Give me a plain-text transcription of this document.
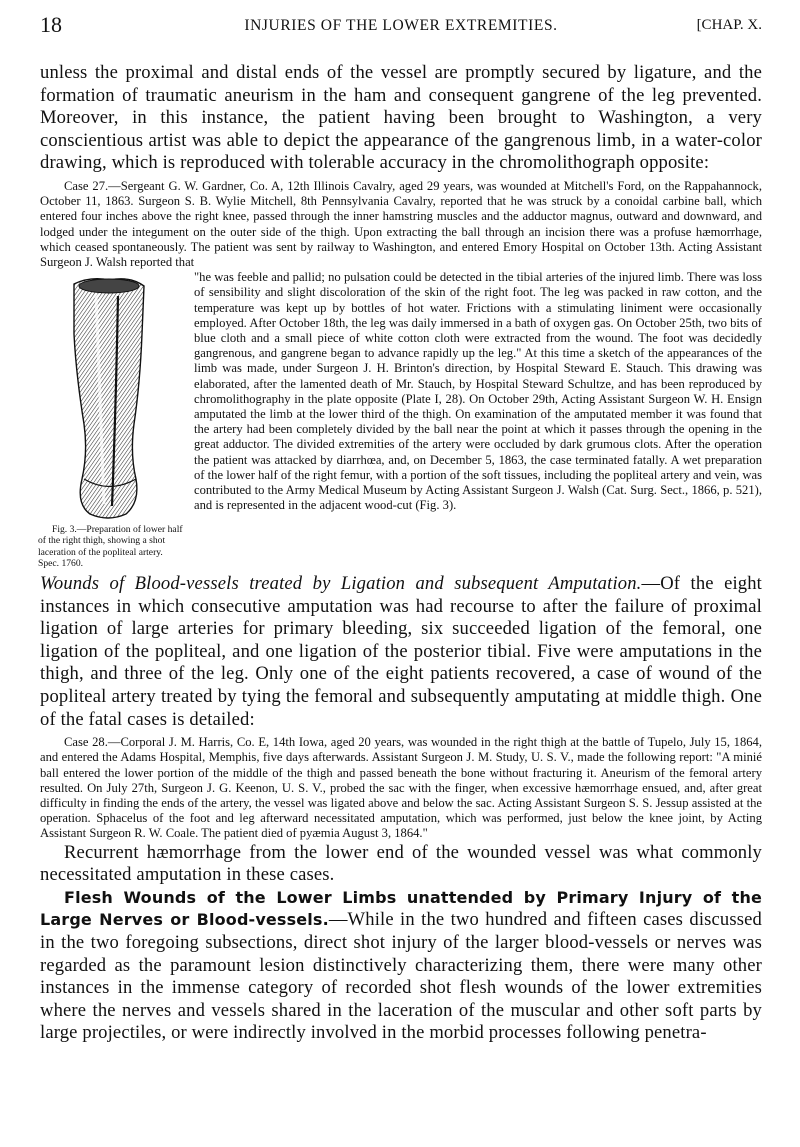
18	INJURIES OF THE LOWER EXTREMITIES.	[CHAP. X.

unless the proximal and distal ends of the vessel are promptly secured by ligature, and the formation of traumatic aneurism in the ham and consequent gangrene of the leg prevented. Moreover, in this instance, the patient having been brought to Washington, a very conscientious artist was able to depict the appearance of the gangrenous limb, in a water-color drawing, which is reproduced with tolerable accuracy in the chromolithograph opposite:

Case 27.—Sergeant G. W. Gardner, Co. A, 12th Illinois Cavalry, aged 29 years, was wounded at Mitchell's Ford, on the Rappahannock, October 11, 1863. Surgeon S. B. Wylie Mitchell, 8th Pennsylvania Cavalry, reported that he was struck by a conoidal carbine ball, which entered four inches above the right knee, passed through the inner hamstring muscles and the adductor magnus, outward and downward, and lodged under the integument on the outer side of the thigh. Upon extracting the ball through an incision there was a profuse hæmorrhage, which ceased spontaneously. The patient was sent by railway to Washington, and entered Emory Hospital on October 13th. Acting Assistant Surgeon J. Walsh reported that

Fig. 3.—Preparation of lower half of the right thigh, showing a shot laceration of the popliteal artery. Spec. 1760.

"he was feeble and pallid; no pulsation could be detected in the tibial arteries of the injured limb. There was loss of sensibility and slight discoloration of the skin of the right foot. The leg was packed in raw cotton, and the temperature was kept up by bottles of hot water. Frictions with a stimulating liniment were occasionally employed. After October 18th, the leg was daily immersed in a bath of oxygen gas. On October 25th, two bits of blue cloth and a small piece of white cotton cloth were extracted from the wound. The foot was decidedly gangrenous, and gangrene began to advance rapidly up the leg." At this time a sketch of the appearances of the limb was made, under Surgeon J. H. Brinton's direction, by Hospital Steward E. Stauch. This drawing was elaborated, after the lamented death of Mr. Stauch, by Hospital Steward Schultze, and has been reproduced by chromolithography in the plate opposite (Plate I, 28). On October 29th, Acting Assistant Surgeon W. H. Ensign amputated the limb at the lower third of the thigh. On examination of the amputated member it was found that the artery had been completely divided by the ball near the point at which it passes through the opening in the great adductor. The divided extremities of the artery were occluded by dark grumous clots. After the operation the patient was attacked by diarrhœa, and, on December 5, 1863, the case terminated fatally. A wet preparation of the lower half of the right femur, with a portion of the soft tissues, including the popliteal artery and vein, was contributed to the Army Medical Museum by Acting Assistant Surgeon J. Walsh (Cat. Surg. Sect., 1866, p. 521), and is represented in the adjacent wood-cut (Fig. 3).

Wounds of Blood-vessels treated by Ligation and subsequent Amputation.—Of the eight instances in which consecutive amputation was had recourse to after the failure of proximal ligation of large arteries for primary bleeding, six succeeded ligation of the femoral, one ligation of the popliteal, and one ligation of the posterior tibial. Five were amputations in the thigh, and three of the leg. Only one of the eight patients recovered, a case of wound of the popliteal artery treated by tying the femoral and subsequently amputating at middle thigh. One of the fatal cases is detailed:

Case 28.—Corporal J. M. Harris, Co. E, 14th Iowa, aged 20 years, was wounded in the right thigh at the battle of Tupelo, July 15, 1864, and entered the Adams Hospital, Memphis, five days afterwards. Assistant Surgeon J. M. Study, U. S. V., made the following report: "A minié ball entered the lower portion of the middle of the thigh and passed beneath the bone without fracturing it. Aneurism of the femoral artery resulted. On July 27th, Surgeon J. G. Keenon, U. S. V., probed the sac with the finger, when excessive hæmorrhage ensued, and, after great difficulty in finding the ends of the artery, the vessel was ligated above and below the sac. Acting Assistant Surgeon S. S. Jessup assisted at the operation. Sphacelus of the foot and leg afterward necessitated amputation, which was performed, just below the knee joint, by Acting Assistant Surgeon R. W. Coale. The patient died of pyæmia August 3, 1864."

Recurrent hæmorrhage from the lower end of the wounded vessel was what commonly necessitated amputation in these cases.

Flesh Wounds of the Lower Limbs unattended by Primary Injury of the Large Nerves or Blood-vessels.—While in the two hundred and fifteen cases discussed in the two foregoing subsections, direct shot injury of the larger blood-vessels or nerves was regarded as the paramount lesion distinctively characterizing them, there were many other instances in the immense category of recorded shot flesh wounds of the lower extremities where the nerves and vessels shared in the laceration of the muscular and other soft parts by large projectiles, or were indirectly involved in the morbid processes following penetra-
